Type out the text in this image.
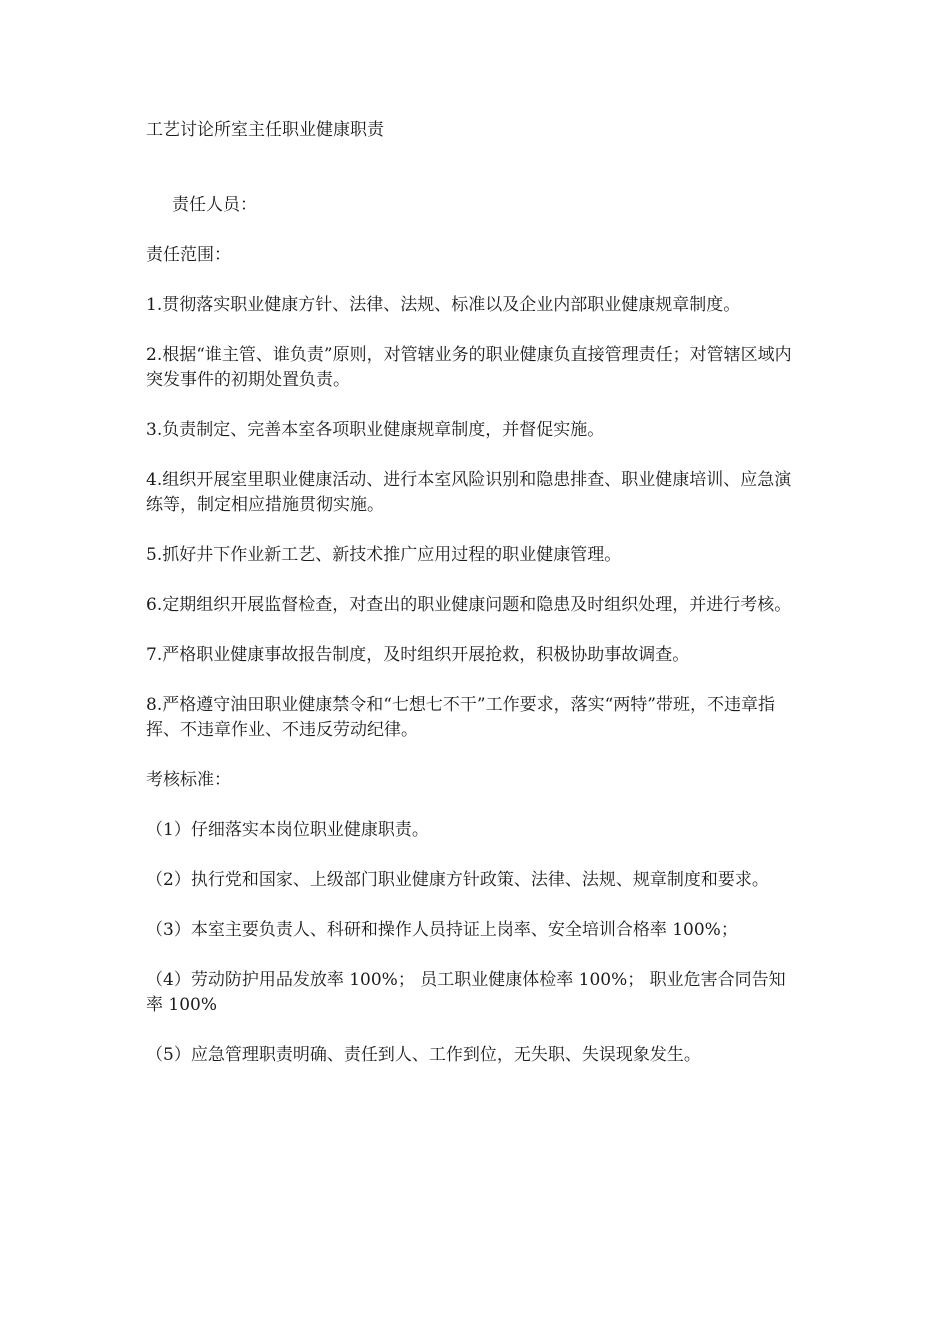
工艺讨论所室主任职业健康职责
责任人员：
责任范围：
1.贯彻落实职业健康方针、法律、法规、标准以及企业内部职业健康规章制度。
2.根据“谁主管、谁负责”原则，对管辖业务的职业健康负直接管理责任；对管辖区域内突发事件的初期处置负责。
3.负责制定、完善本室各项职业健康规章制度，并督促实施。
4.组织开展室里职业健康活动、进行本室风险识别和隐患排查、职业健康培训、应急演练等，制定相应措施贯彻实施。
5.抓好井下作业新工艺、新技术推广应用过程的职业健康管理。
6.定期组织开展监督检查，对查出的职业健康问题和隐患及时组织处理，并进行考核。
7.严格职业健康事故报告制度，及时组织开展抢救，积极协助事故调查。
8.严格遵守油田职业健康禁令和“七想七不干”工作要求，落实“两特”带班，不违章指挥、不违章作业、不违反劳动纪律。
考核标准：
（1）仔细落实本岗位职业健康职责。
（2）执行党和国家、上级部门职业健康方针政策、法律、法规、规章制度和要求。
（3）本室主要负责人、科研和操作人员持证上岗率、安全培训合格率 100%；
（4）劳动防护用品发放率 100%； 员工职业健康体检率 100%； 职业危害合同告知率 100%
（5）应急管理职责明确、责任到人、工作到位，无失职、失误现象发生。
